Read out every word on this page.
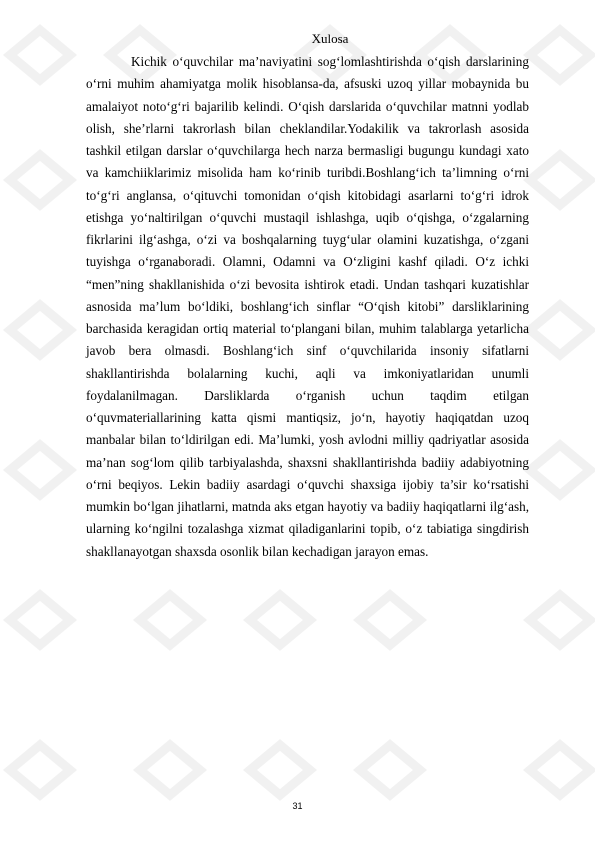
Xulosa

Kichik o‘quvchilar ma’naviyatini sog‘lomlashtirishda o‘qish darslarining o‘rni muhim ahamiyatga molik hisoblansa-da, afsuski uzoq yillar mobaynida bu amalaiyot noto‘g‘ri bajarilib kelindi. O‘qish darslarida o‘quvchilar matnni yodlab olish, she’rlarni takrorlash bilan cheklandilar.Yodakilik va takrorlash asosida tashkil etilgan darslar o‘quvchilarga hech narza bermasligi bugungu kundagi xato va kamchiiklarimiz misolida ham ko‘rinib turibdi.Boshlang‘ich ta’limning o‘rni to‘g‘ri anglansa, o‘qituvchi tomonidan o‘qish kitobidagi asarlarni to‘g‘ri idrok etishga yo‘naltirilgan o‘quvchi mustaqil ishlashga, uqib o‘qishga, o‘zgalarning fikrlarini ilg‘ashga, o‘zi va boshqalarning tuyg‘ular olamini kuzatishga, o‘zgani tuyishga o‘rganaboradi. Olamni, Odamni va O‘zligini kashf qiladi. O‘z ichki “men”ning shakllanishida o‘zi bevosita ishtirok etadi. Undan tashqari kuzatishlar asnosida ma’lum bo‘ldiki, boshlang‘ich sinflar “O‘qish kitobi” darsliklarining barchasida keragidan ortiq material to‘plangani bilan, muhim talablarga yetarlicha javob bera olmasdi. Boshlang‘ich sinf o‘quvchilarida insoniy sifatlarni shakllantirishda bolalarning kuchi, aqli va imkoniyatlaridan unumli foydalanilmagan. Darsliklarda o‘rganish uchun taqdim etilgan o‘quvmateriallarining katta qismi mantiqsiz, jo‘n, hayotiy haqiqatdan uzoq manbalar bilan to‘ldirilgan edi. Ma’lumki, yosh avlodni milliy qadriyatlar asosida ma’nan sog‘lom qilib tarbiyalashda, shaxsni shakllantirishda badiiy adabiyotning o‘rni beqiyos. Lekin badiiy asardagi o‘quvchi shaxsiga ijobiy ta’sir ko‘rsatishi mumkin bo‘lgan jihatlarni, matnda aks etgan hayotiy va badiiy haqiqatlarni ilg‘ash, ularning ko‘ngilni tozalashga xizmat qiladiganlarini topib, o‘z tabiatiga singdirish shakllanayotgan shaxsda osonlik bilan kechadigan jarayon emas.

31
